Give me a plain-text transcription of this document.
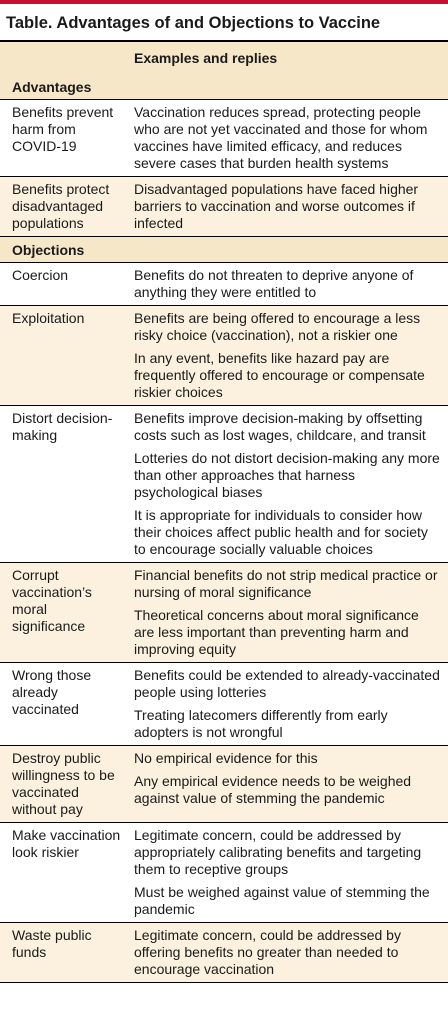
Table. Advantages of and Objections to Vaccine
Examples and replies
Advantages
Benefits prevent harm from COVID-19
Vaccination reduces spread, protecting people who are not yet vaccinated and those for whom vaccines have limited efficacy, and reduces severe cases that burden health systems
Benefits protect disadvantaged populations
Disadvantaged populations have faced higher barriers to vaccination and worse outcomes if infected
Objections
Coercion	Benefits do not threaten to deprive anyone of anything they were entitled to
Exploitation	Benefits are being offered to encourage a less risky choice (vaccination), not a riskier one
In any event, benefits like hazard pay are frequently offered to encourage or compensate riskier choices
Distort decision-making
Benefits improve decision-making by offsetting costs such as lost wages, childcare, and transit
Lotteries do not distort decision-making any more than other approaches that harness psychological biases
It is appropriate for individuals to consider how their choices affect public health and for society to encourage socially valuable choices
Corrupt vaccination’s moral significance
Financial benefits do not strip medical practice or nursing of moral significance
Theoretical concerns about moral significance are less important than preventing harm and improving equity
Wrong those already vaccinated
Benefits could be extended to already-vaccinated people using lotteries
Treating latecomers differently from early adopters is not wrongful
Destroy public willingness to be vaccinated without pay
No empirical evidence for this
Any empirical evidence needs to be weighed against value of stemming the pandemic
Make vaccination look riskier
Legitimate concern, could be addressed by appropriately calibrating benefits and targeting them to receptive groups
Must be weighed against value of stemming the pandemic
Waste public funds
Legitimate concern, could be addressed by offering benefits no greater than needed to encourage vaccination
